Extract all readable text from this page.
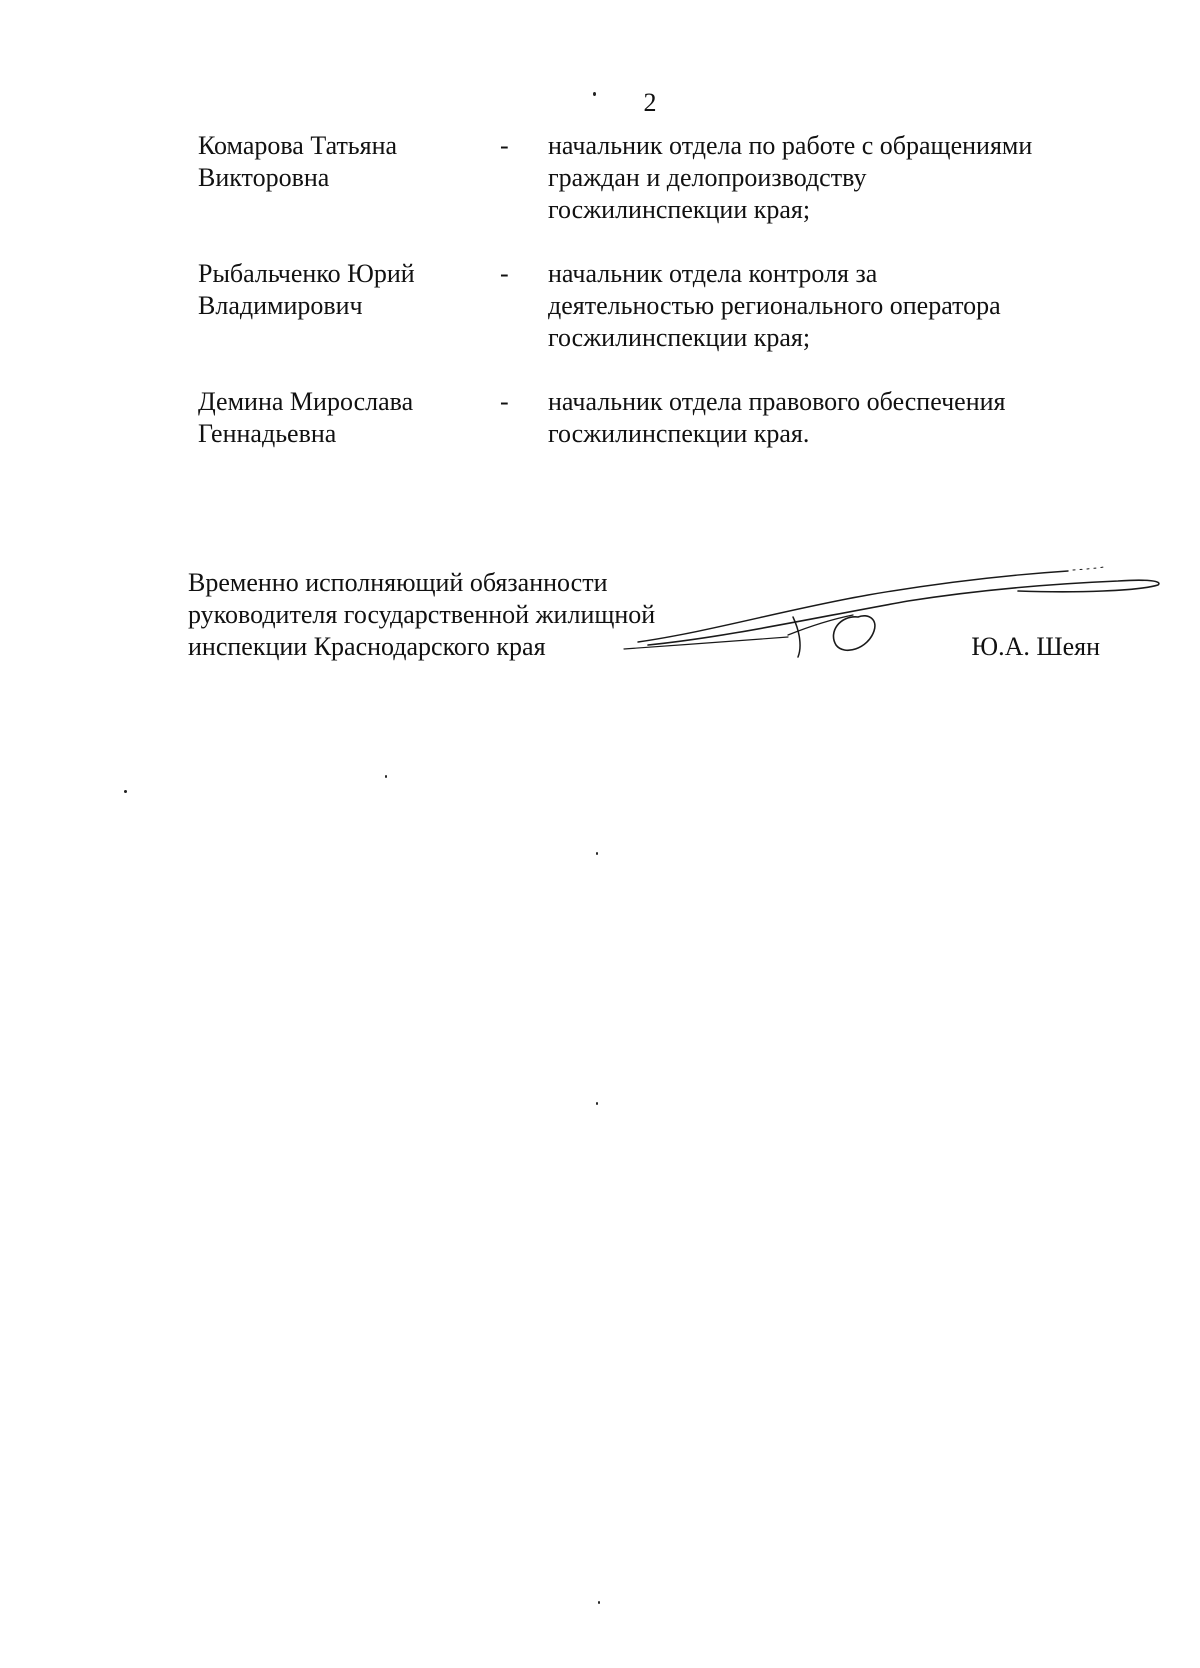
2
Комарова Татьяна
Викторовна
-	начальник отдела по работе с обращениями
граждан и делопроизводству
госжилинспекции края;
Рыбальченко Юрий
Владимирович
-	начальник отдела контроля за
деятельностью регионального оператора
госжилинспекции края;
Демина Мирослава
Геннадьевна
-	начальник отдела правового обеспечения
госжилинспекции края.
Временно исполняющий обязанности
руководителя государственной жилищной
инспекции Краснодарского края	Ю.А. Шеян
